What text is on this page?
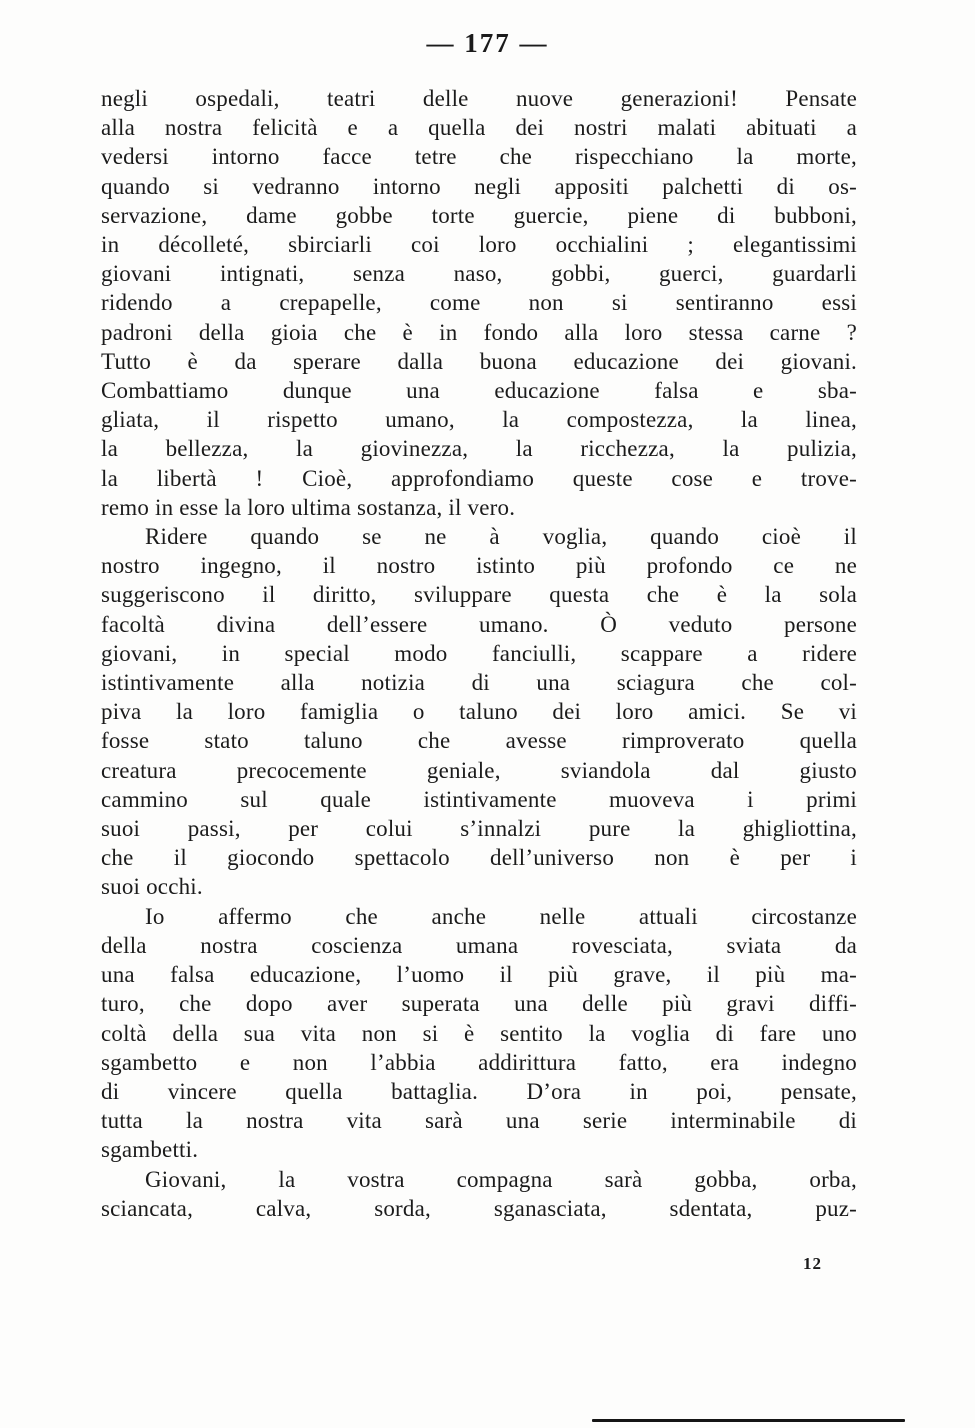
— 177 —
negli ospedali, teatri delle nuove generazioni! Pensate
alla nostra felicità e a quella dei nostri malati abituati a
vedersi intorno facce tetre che rispecchiano la morte,
quando si vedranno intorno negli appositi palchetti di os-
servazione, dame gobbe torte guercie, piene di bubboni,
in décolleté, sbirciarli coi loro occhialini ; elegantissimi
giovani intignati, senza naso, gobbi, guerci, guardarli
ridendo a crepapelle, come non si sentiranno essi
padroni della gioia che è in fondo alla loro stessa carne ?
Tutto è da sperare dalla buona educazione dei giovani.
Combattiamo dunque una educazione falsa e sba-
gliata, il rispetto umano, la compostezza, la linea,
la bellezza, la giovinezza, la ricchezza, la pulizia,
la libertà ! Cioè, approfondiamo queste cose e trove-
remo in esse la loro ultima sostanza, il vero.
Ridere quando se ne à voglia, quando cioè il
nostro ingegno, il nostro istinto più profondo ce ne
suggeriscono il diritto, sviluppare questa che è la sola
facoltà divina dell’essere umano. Ò veduto persone
giovani, in special modo fanciulli, scappare a ridere
istintivamente alla notizia di una sciagura che col-
piva la loro famiglia o taluno dei loro amici. Se vi
fosse stato taluno che avesse rimproverato quella
creatura precocemente geniale, sviandola dal giusto
cammino sul quale istintivamente muoveva i primi
suoi passi, per colui s’innalzi pure la ghigliottina,
che il giocondo spettacolo dell’universo non è per i
suoi occhi.
Io affermo che anche nelle attuali circostanze
della nostra coscienza umana rovesciata, sviata da
una falsa educazione, l’uomo il più grave, il più ma-
turo, che dopo aver superata una delle più gravi diffi-
coltà della sua vita non si è sentito la voglia di fare uno
sgambetto e non l’abbia addirittura fatto, era indegno
di vincere quella battaglia. D’ora in poi, pensate,
tutta la nostra vita sarà una serie interminabile di
sgambetti.
Giovani, la vostra compagna sarà gobba, orba,
sciancata, calva, sorda, sganasciata, sdentata, puz-
12
